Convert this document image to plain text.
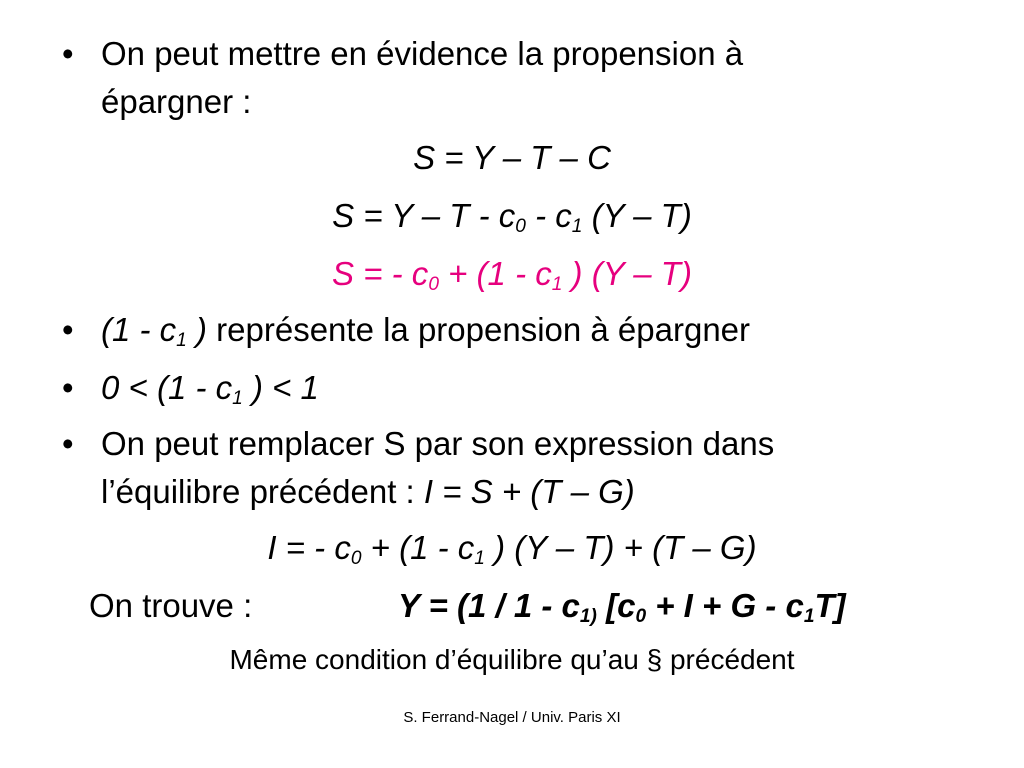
• On peut mettre en évidence la propension à
épargner :
S = Y – T – C
$S = Y - T - c_0 - c_1$ (Y – T)
S = - $c_0 + (1 - c_1$ ) (Y – T)
• ($1 - c_1$ ) représente la propension à épargner
• $0 < (1 - c_1$ ) < 1
• On peut remplacer S par son expression dans
l’équilibre précédent : I = S + (T – G)
I = - $c_0 + (1 - c_1$ ) (Y – T) + (T – G)
On trouve :	$Y = (1 / 1 - c_{1)}$ $[c_0 + I + G - c_1T]$
Même condition d’équilibre qu’au § précédent
S. Ferrand-Nagel / Univ. Paris XI
